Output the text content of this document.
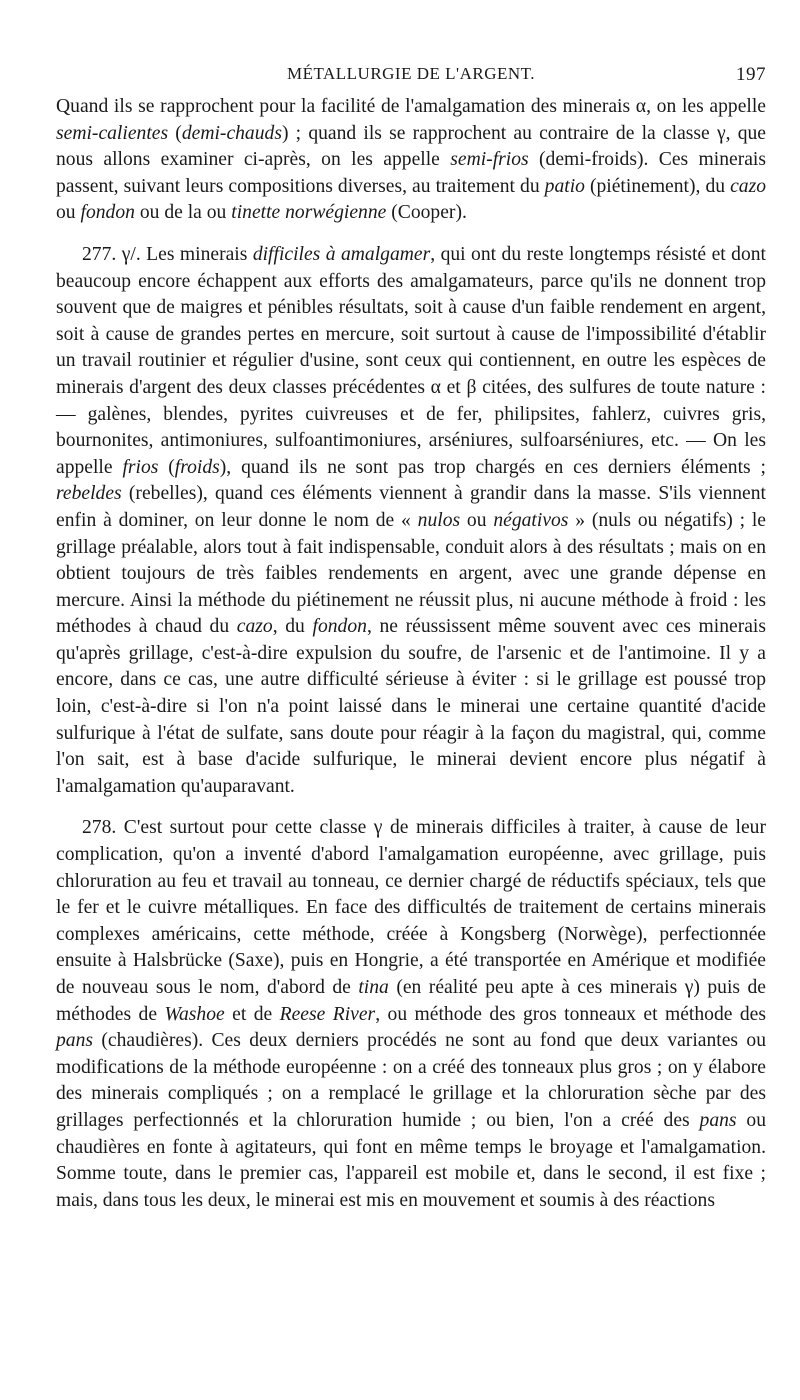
MÉTALLURGIE DE L'ARGENT.	197

Quand ils se rapprochent pour la facilité de l'amalgamation des minerais α, on les appelle semi-calientes (demi-chauds) ; quand ils se rapprochent au contraire de la classe γ, que nous allons examiner ci-après, on les appelle semi-frios (demi-froids). Ces minerais passent, suivant leurs compositions diverses, au traitement du patio (piétinement), du cazo ou fondon ou de la ou tinette norwégienne (Cooper).

277. γ/. Les minerais difficiles à amalgamer, qui ont du reste longtemps résisté et dont beaucoup encore échappent aux efforts des amalgamateurs, parce qu'ils ne donnent trop souvent que de maigres et pénibles résultats, soit à cause d'un faible rendement en argent, soit à cause de grandes pertes en mercure, soit surtout à cause de l'impossibilité d'établir un travail routinier et régulier d'usine, sont ceux qui contiennent, en outre les espèces de minerais d'argent des deux classes précédentes α et β citées, des sulfures de toute nature : — galènes, blendes, pyrites cuivreuses et de fer, philipsites, fahlerz, cuivres gris, bournonites, antimoniures, sulfoantimoniures, arséniures, sulfoarséniures, etc. — On les appelle frios (froids), quand ils ne sont pas trop chargés en ces derniers éléments ; rebeldes (rebelles), quand ces éléments viennent à grandir dans la masse. S'ils viennent enfin à dominer, on leur donne le nom de « nulos ou négativos » (nuls ou négatifs) ; le grillage préalable, alors tout à fait indispensable, conduit alors à des résultats ; mais on en obtient toujours de très faibles rendements en argent, avec une grande dépense en mercure. Ainsi la méthode du piétinement ne réussit plus, ni aucune méthode à froid : les méthodes à chaud du cazo, du fondon, ne réussissent même souvent avec ces minerais qu'après grillage, c'est-à-dire expulsion du soufre, de l'arsenic et de l'antimoine. Il y a encore, dans ce cas, une autre difficulté sérieuse à éviter : si le grillage est poussé trop loin, c'est-à-dire si l'on n'a point laissé dans le minerai une certaine quantité d'acide sulfurique à l'état de sulfate, sans doute pour réagir à la façon du magistral, qui, comme l'on sait, est à base d'acide sulfurique, le minerai devient encore plus négatif à l'amalgamation qu'auparavant.

278. C'est surtout pour cette classe γ de minerais difficiles à traiter, à cause de leur complication, qu'on a inventé d'abord l'amalgamation européenne, avec grillage, puis chloruration au feu et travail au tonneau, ce dernier chargé de réductifs spéciaux, tels que le fer et le cuivre métalliques. En face des difficultés de traitement de certains minerais complexes américains, cette méthode, créée à Kongsberg (Norwège), perfectionnée ensuite à Halsbrücke (Saxe), puis en Hongrie, a été transportée en Amérique et modifiée de nouveau sous le nom, d'abord de tina (en réalité peu apte à ces minerais γ) puis de méthodes de Washoe et de Reese River, ou méthode des gros tonneaux et méthode des pans (chaudières). Ces deux derniers procédés ne sont au fond que deux variantes ou modifications de la méthode européenne : on a créé des tonneaux plus gros ; on y élabore des minerais compliqués ; on a remplacé le grillage et la chloruration sèche par des grillages perfectionnés et la chloruration humide ; ou bien, l'on a créé des pans ou chaudières en fonte à agitateurs, qui font en même temps le broyage et l'amalgamation. Somme toute, dans le premier cas, l'appareil est mobile et, dans le second, il est fixe ; mais, dans tous les deux, le minerai est mis en mouvement et soumis à des réactions
